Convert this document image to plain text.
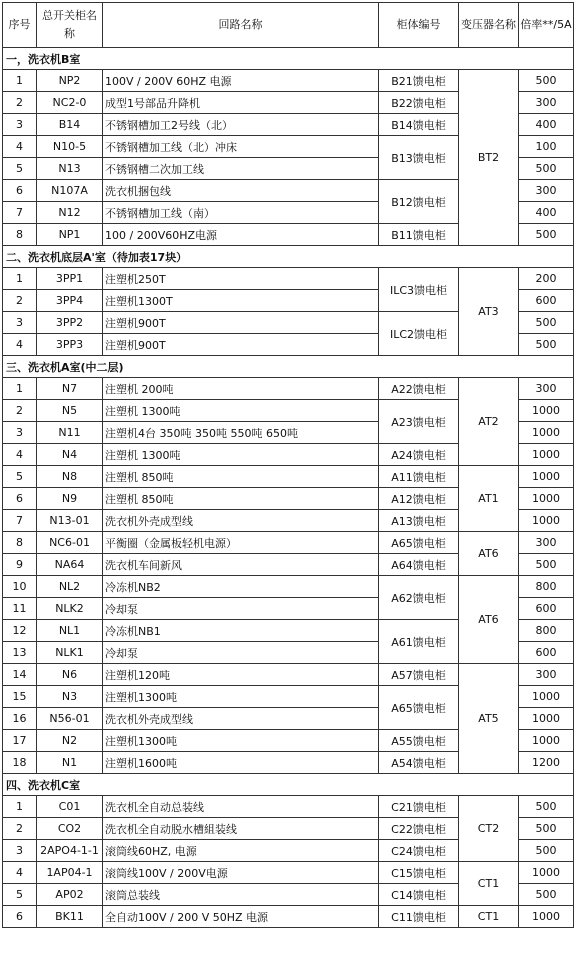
序号	总开关柜名称	回路名称	柜体编号	变压器名称	倍率**/5A
一，洗衣机B室					
1	NP2	100V / 200V 60HZ 电源	B21馈电柜	BT2	500
2	NC2-0	成型1号部品升降机	B22馈电柜		300
3	B14	不锈钢槽加工2号线（北）	B14馈电柜		400
4	N10-5	不锈钢槽加工线（北）冲床	B13馈电柜		100
5	N13	不锈钢槽二次加工线			500
6	N107A	洗衣机捆包线	B12馈电柜		300
7	N12	不锈钢槽加工线（南）			400
8	NP1	100 / 200V60HZ电源	B11馈电柜		500
二、洗衣机底层A'室（待加表17块）					
1	3PP1	注塑机250T	ILC3馈电柜	AT3	200
2	3PP4	注塑机1300T			600
3	3PP2	注塑机900T	ILC2馈电柜		500
4	3PP3	注塑机900T			500
三、洗衣机A室(中二层)					
1	N7	注塑机 200吨	A22馈电柜	AT2	300
2	N5	注塑机 1300吨	A23馈电柜		1000
3	N11	注塑机4台 350吨 350吨 550吨 650吨			1000
4	N4	注塑机 1300吨	A24馈电柜		1000
5	N8	注塑机 850吨	A11馈电柜	AT1	1000
6	N9	注塑机 850吨	A12馈电柜		1000
7	N13-01	洗衣机外壳成型线	A13馈电柜		1000
8	NC6-01	平衡圈（金属板轻机电源）	A65馈电柜	AT6	300
9	NA64	洗衣机车间新风	A64馈电柜		500
10	NL2	冷冻机NB2	A62馈电柜	AT6	800
11	NLK2	冷却泵			600
12	NL1	冷冻机NB1	A61馈电柜		800
13	NLK1	冷却泵			600
14	N6	注塑机120吨	A57馈电柜	AT5	300
15	N3	注塑机1300吨	A65馈电柜		1000
16	N56-01	洗衣机外壳成型线			1000
17	N2	注塑机1300吨	A55馈电柜		1000
18	N1	注塑机1600吨	A54馈电柜		1200
四、洗衣机C室					
1	C01	洗衣机全自动总装线	C21馈电柜	CT2	500
2	CO2	洗衣机全自动脱水槽組装线	C22馈电柜		500
3	2APO4-1-1	滚筒线60HZ, 电源	C24馈电柜		500
4	1AP04-1	滚筒线100V / 200V电源	C15馈电柜	CT1	1000
5	AP02	滚筒总装线	C14馈电柜		500
6	BK11	全自动100V / 200 V 50HZ 电源	C11馈电柜	CT1	1000
